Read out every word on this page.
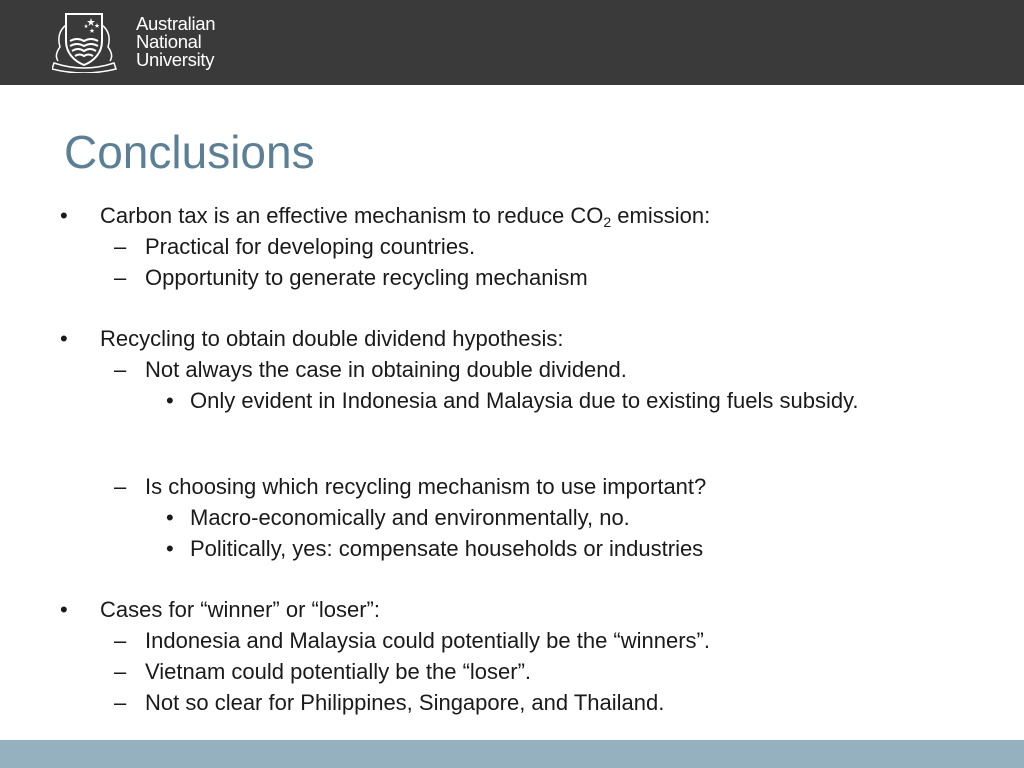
Australian
National
University
Conclusions
• Carbon tax is an effective mechanism to reduce $CO_2$ emission:
– Practical for developing countries.
– Opportunity to generate recycling mechanism
• Recycling to obtain double dividend hypothesis:
– Not always the case in obtaining double dividend.
• Only evident in Indonesia and Malaysia due to existing fuels subsidy.
– Is choosing which recycling mechanism to use important?
• Macro-economically and environmentally, no.
• Politically, yes: compensate households or industries
• Cases for “winner” or “loser”:
– Indonesia and Malaysia could potentially be the “winners”.
– Vietnam could potentially be the “loser”.
– Not so clear for Philippines, Singapore, and Thailand.
